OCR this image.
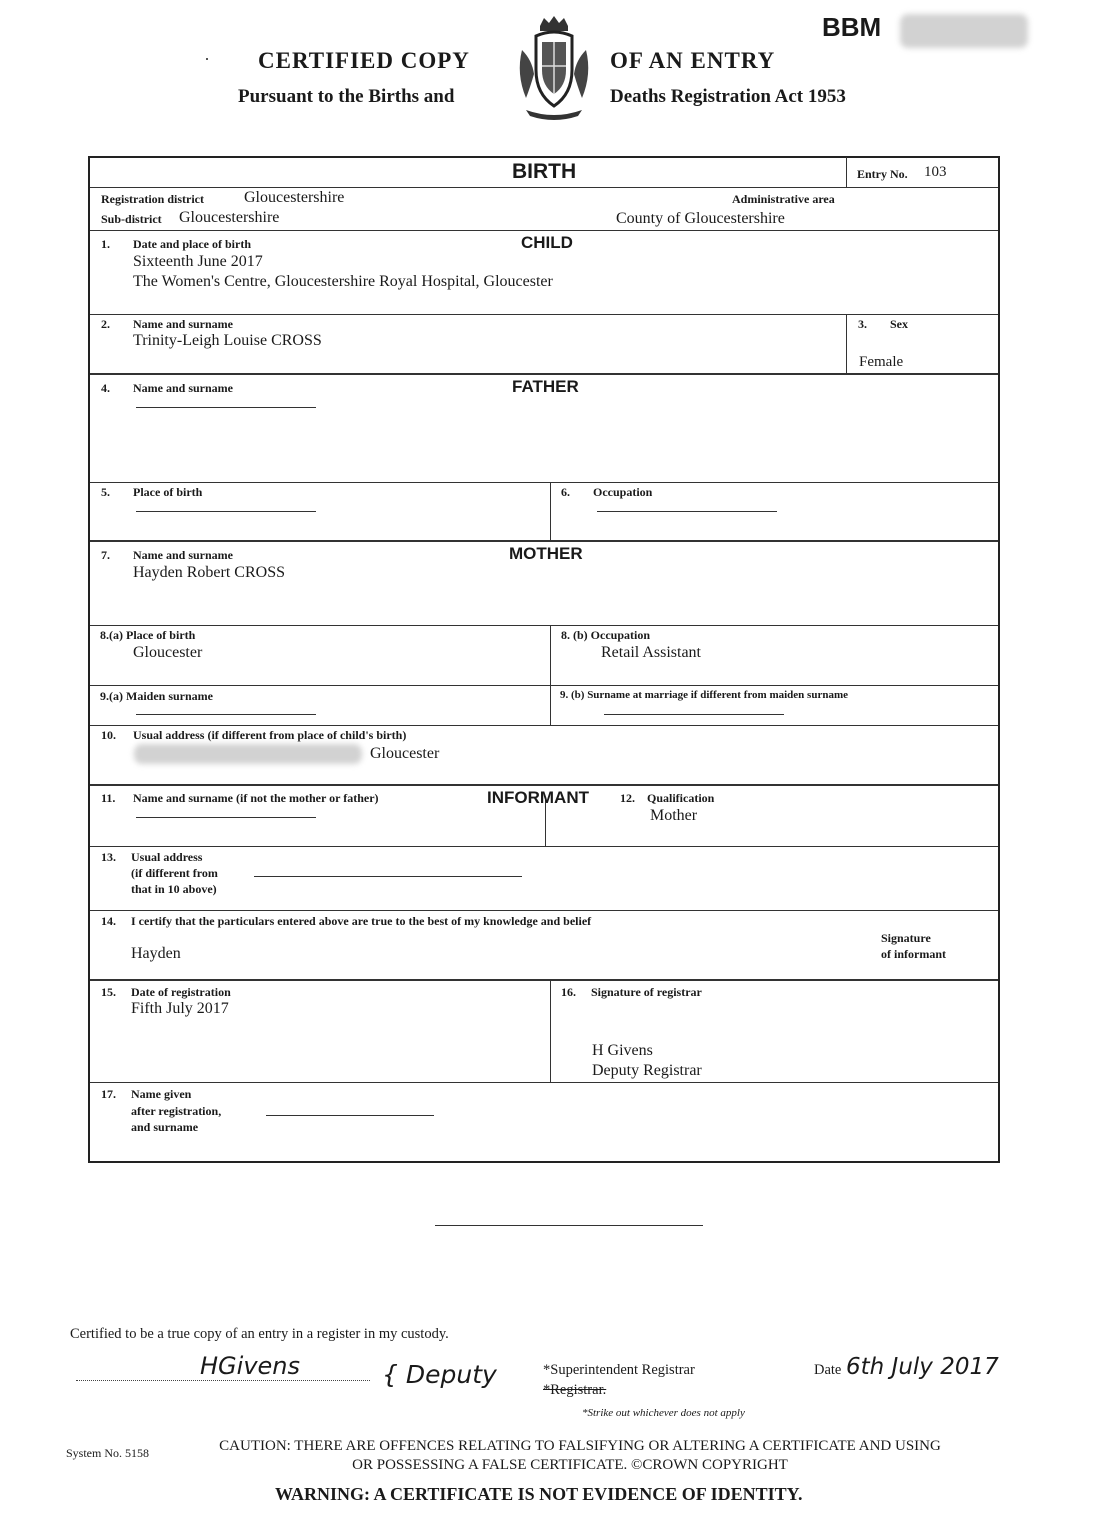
CERTIFIED COPY	OF AN ENTRY
Pursuant to the Births and	Deaths Registration Act 1953
BBM
BIRTH	Entry No. 103
Registration district	Gloucestershire
Sub-district Gloucestershire
Administrative area
County of Gloucestershire
CHILD
1. Date and place of birth
Sixteenth June 2017
The Women's Centre, Gloucestershire Royal Hospital, Gloucester
2. Name and surname
Trinity-Leigh Louise CROSS
3. Sex
Female
FATHER
4. Name and surname
5. Place of birth	6. Occupation
MOTHER
7. Name and surname
Hayden Robert CROSS
8.(a) Place of birth
Gloucester
8. (b) Occupation
Retail Assistant
9.(a) Maiden surname	9. (b) Surname at marriage if different from maiden surname
10. Usual address (if different from place of child's birth)
Gloucester
INFORMANT
11. Name and surname (if not the mother or father)	12. Qualification
Mother
13. Usual address
(if different from
that in 10 above)
14. I certify that the particulars entered above are true to the best of my knowledge and belief
Hayden
Signature
of informant
15. Date of registration
Fifth July 2017
16. Signature of registrar
H Givens
Deputy Registrar
17. Name given
after registration,
and surname
Certified to be a true copy of an entry in a register in my custody.
HGivens	{ Deputy	*Superintendent Registrar
*Registrar.
Date 6th July 2017
*Strike out whichever does not apply
System No. 5158	CAUTION: THERE ARE OFFENCES RELATING TO FALSIFYING OR ALTERING A CERTIFICATE AND USING
OR POSSESSING A FALSE CERTIFICATE. ©CROWN COPYRIGHT
WARNING: A CERTIFICATE IS NOT EVIDENCE OF IDENTITY.
